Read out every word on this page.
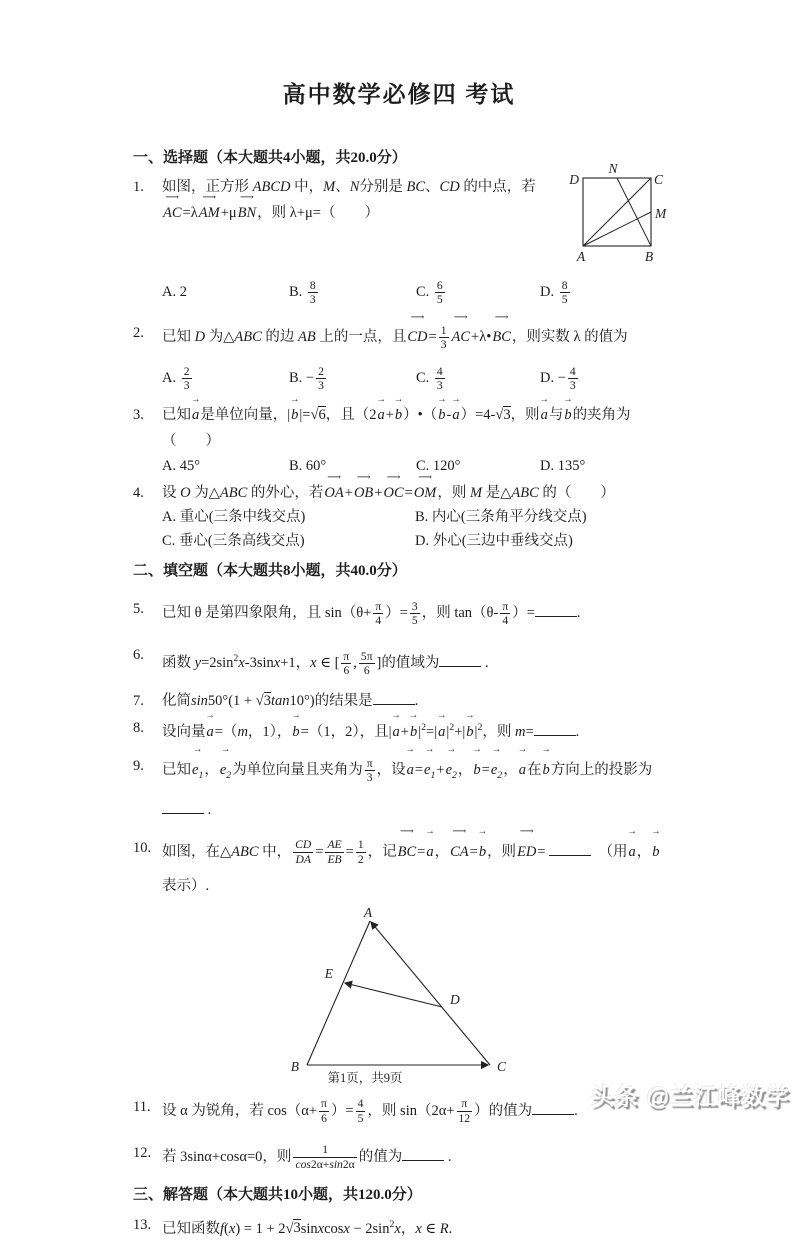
高中数学必修四 考试
一、选择题（本大题共4小题，共20.0分）
1.	如图，正方形 ABCD 中，M、N分别是 BC、CD 的中点，若
AC ⟶=λAM ⟶+μBN ⟶，则 λ+μ=（　　）
A. 2	B. $\frac{8}{3}$	C. $\frac{6}{5}$	D. $\frac{8}{5}$
2.	已知 D 为△ABC 的边 AB 上的一点，且CD ⟶= $\frac{1}{3}$ AC ⟶+λ•BC ⟶，则实数 λ 的值为
A. $\frac{2}{3}$	B. − $\frac{2}{3}$	C. $\frac{4}{3}$	D. − $\frac{4}{3}$
3.	已知a →是单位向量，|b →|=√6，且（2a →+b →）•（b →-a →）=4-√3，则a →与b →的夹角为（　　）
A. 45°	B. 60°	C. 120°	D. 135°
4.	设 O 为△ABC 的外心，若OA ⟶+OB ⟶+OC ⟶=OM ⟶，则 M 是△ABC 的（　　）
A. 重心(三条中线交点)	B. 内心(三条角平分线交点)
C. 垂心(三条高线交点)	D. 外心(三边中垂线交点)
二、填空题（本大题共8小题，共40.0分）
5.	已知 θ 是第四象限角，且 $\sin(\theta+ \frac{\pi}{4}$ ）= $\frac{3}{5}$ ，则 $\tan(\theta- \frac{\pi}{4}$ ）=	.
6.	函数 $y=2\sin^2x-3\sin x+1$，x ∈ [ $\frac{\pi}{6}$ , $\frac{5\pi}{6}$ ]的值域为	.
7.	化简sin50°(1 + √3tan10°)的结果是	.
8.	设向量a →=（m，1），b →=（1，2），且$|a \to+b \to|^2=|a \to|^2+|b \to|^2$，则 m=	.
9.	已知$e_1$ →，$e_2$ →为单位向量且夹角为 $\frac{\pi}{3}$ ，设$a \to=e_1 \to+e_2$ →，$b \to=e_2$ →，a →在b →方向上的投影为 .
10. 如图，在△ABC 中， $\frac{CD}{DA} = \frac{AE}{EB} = \frac{1}{2}$ ，记BC ⟶=a →，CA ⟶=b →，则ED ⟶=	　（用a →，b →表示）.
A
E
D
B	C
11. 设 α 为锐角，若 $\cos(\alpha+ \frac{\pi}{6}$ ）= $\frac{4}{5}$ ，则 $\sin(2\alpha+ \frac{\pi}{12}$ ）的值为	.
12. 若 3sinα+cosα=0，则 $\frac{1}{\cos 2\alpha+\sin 2\alpha}$ 的值为	.
三、解答题（本大题共10小题，共120.0分）
13. 已知函数f(x) = 1 + 2√3sinxcosx − $2\sin^2x$，x ∈ R.
D
N
C
M
A	B
第1页，共9页
头条 @兰江峰数学
